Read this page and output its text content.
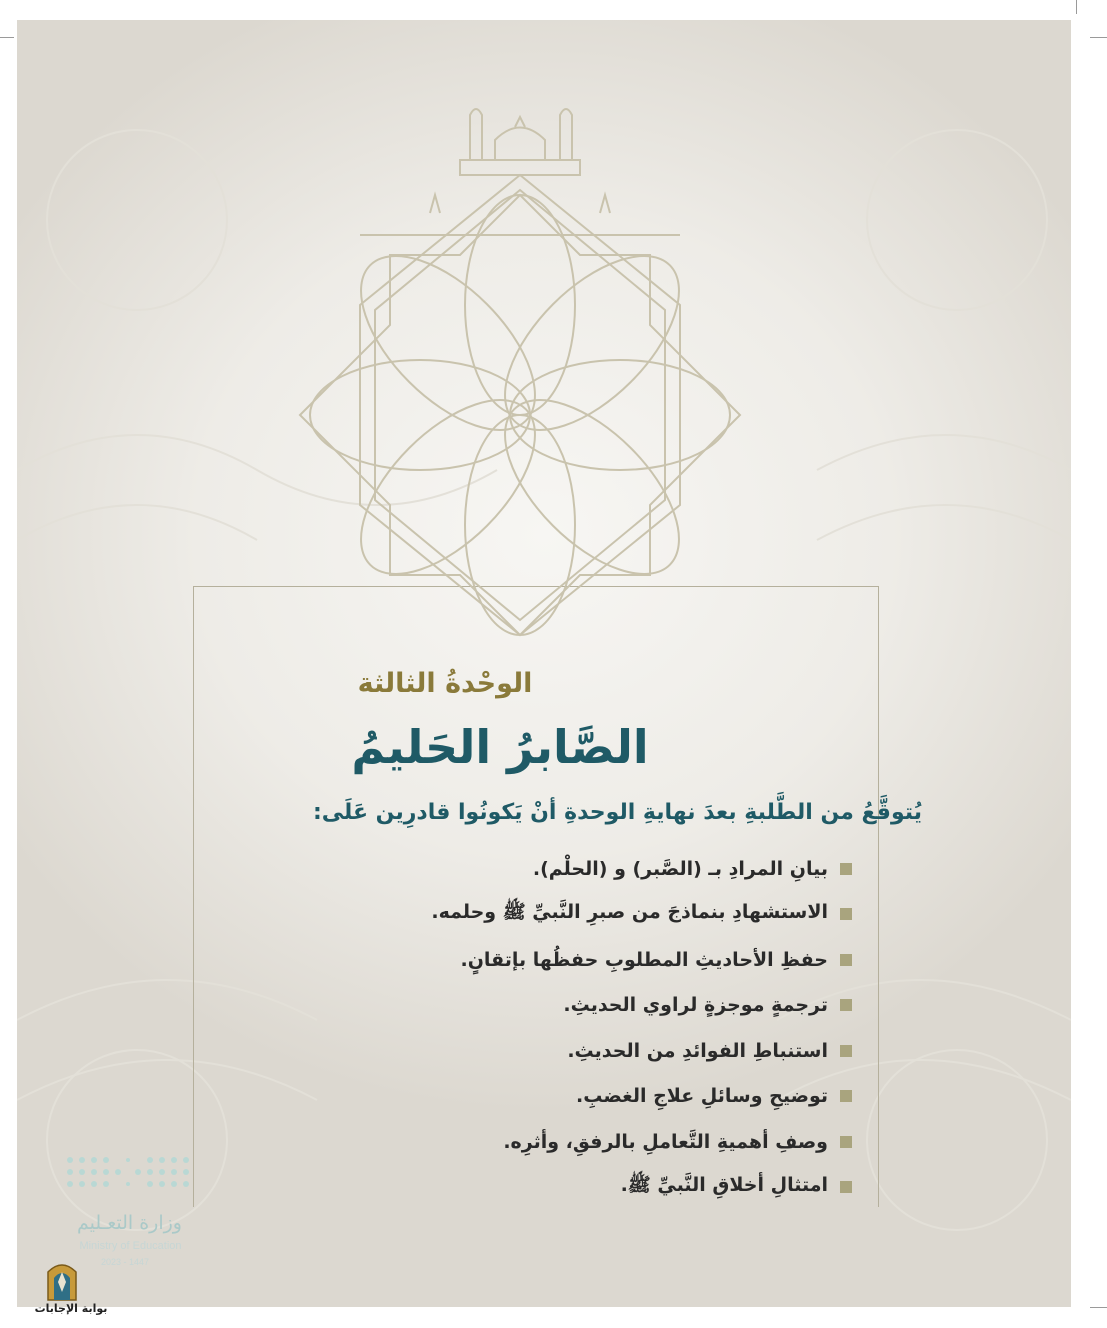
الوحْدةُ الثالثة
الصَّابرُ الحَليمُ
يُتوقَّعُ من الطَّلبةِ بعدَ نهايةِ الوحدةِ أنْ يَكونُوا قادرِين عَلَى:
بيانِ المرادِ بـ (الصَّبر) و (الحلْم).
الاستشهادِ بنماذجَ من صبرِ النَّبيِّ ﷺ وحلمه.
حفظِ الأحاديثِ المطلوبِ حفظُها بإتقانٍ.
ترجمةٍ موجزةٍ لراوي الحديثِ.
استنباطِ الفوائدِ من الحديثِ.
توضيحِ وسائلِ علاجِ الغضبِ.
وصفِ أهميةِ التَّعاملِ بالرفقِ، وأثرِه.
امتثالِ أخلاقِ النَّبيِّ ﷺ.
وزارة التعـليم
Ministry of Education
2023 - 1447
بوابة الإجابات
